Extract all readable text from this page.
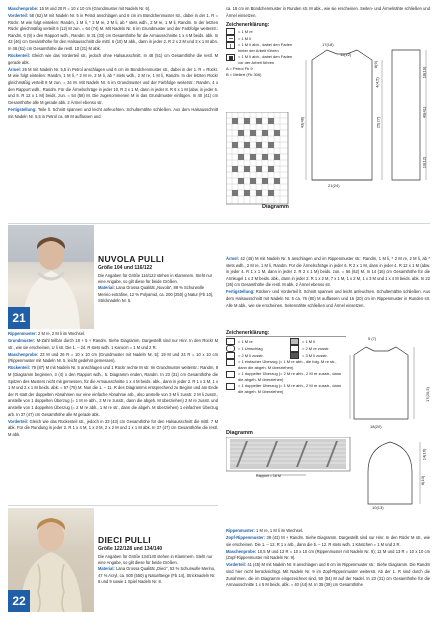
Maschenprobe: 15 M und 20 R = 10 x 10 cm (Grundmuster mit Nadeln Nr. 6).

Vorderteil: 58 (62) M mit Nadeln Nr. 5 in Petrol anschlagen und 6 cm im Bündchenmuster str., dabei in der 1. R = Rückr. M wie folgt einteilen: Randm, 1 M li, * 2 M re, 2 M li, ab * stets wdh., 2 M re, 1 M li, Randm. In der letzten Rückr gleichmäßig verteilt 6 (12) M zun. = 64 (74) M. Mit Nadeln Nr. 6 im Grundmuster und der Farbfolge weiterstr.: Randm, 6 (9) x den Rapport wdh., Randm. In 31 (33) cm Gesamthöhe für die Armausschnitte 1 x 4 M beids. abk. In 43 (46) cm Gesamthöhe für den Halsausschnitt die mittl. 6 (10) M abk., dann in jeder 2. R 2 x 2 M und 3 x 1 M abn. In 48 (51) cm Gesamthöhe die restl. 10 (21) M abk.

Rückenteil: Gleich wie das Vorderteil str., jedoch ohne Halsausschnitt. In 48 (51) cm Gesamthöhe die restl. M gerade abk.

Ärmel: 26 M mit Nadeln Nr. 5,5 in Petrol anschlagen und 6 cm im Bündchenmuster str., dabei in der 1. R = Rückr. M wie folgt einteilen: Randm, 1 M li, * 2 M re, 2 M li, ab * stets wdh., 2 M re, 1 M li, Randm. In der letzten Rückr gleichmäßig verteilt 8 M zun. = 34 M. Mit Nadeln Nr. 6 im Grundmuster und der Farbfolge weiterstr.: Randm, 4 x den Rapport wdh., Randm. Für die Ärmelschräge in jeder 10. R 2 x 1 M, dann in jeder 8. R 6 x 1 M (abw. in jeder 6. und 8. R 12 x 1 M) beids. zun. = 54 (58) M. Die zugenommenen M in das Grundmuster einfügen. In 40 (41) cm Gesamthöhe alle M gerade abk. 2 Ärmel ebenso str.

Fertigstellung: Teile lt. Schnitt spannen und leicht anfeuchten. Schulternähte schließen. Aus dem Halsausschnitt mit Nadeln Nr. 5,5 in Petrol ca. 69 M auffassen und

ca. 18 cm im Bündchenmuster in Runden str. M abk., wie sie erscheinen. Seiten- und Ärmelnähte schließen und Ärmel einsetzen.
Zeichenerklärung:
= 1 M re
= 1 M li
= 1 M li abh., dabei den Faden hinter der Arbeit führen
= 1 M li abh., dabei den Faden vor der Arbeit führen
A = Petrol Fb 9
B = Meliert (Fb 306)
Diagramm
17(18)
11(12)
21(24)
43(48)	25(27)
8(9)
4(4,5)
18(19)
40(41)
10(12)
21
NUVOLA PULLI
Größe 104 und 116/122
Die Angaben für Größe 116/122 stehen in Klammern. Steht nur eine Angabe, so gilt diese für beide Größen.
Material: Lana Grossa Qualität „Nuvola“, 88 % Schurwolle Merino extrafine, 12 % Polyamid, ca. 200 (250) g Natur (Fb 10), Stricknadeln Nr. 5.

Rippenmuster: 2 M re, 2 M li im Wechsel.

Grundmuster: M-Zahl teilbar durch 18 + 5 + Randm. Siehe Diagramm. Dargestellt sind nur Hinr. In den Rückr M str., wie sie erscheinen, U li str. Die 1. – 24. R stets wdh. 1 Karocm = 1 M und 2 R.

Maschenprobe: 23 M und 26 R = 10 x 10 cm (Grundmuster mit Nadeln Nr. 5); 19 M und 24 R = 10 x 10 cm (Rippenmuster mit Nadeln Nr. 5, leicht gedehnt gemessen).

Rückenteil: 79 (87) M mit Nadeln Nr. 5 anschlagen und 1 Rückr rechte M str. Im Grundmuster weiterstr.: Randm, 8 M (Diagramm beginnen, 3 (4) x den Rapport wdh., 5. Diagramm enden, Randm. In 23 (31) cm Gesamthöhe die Spitzen des Musters nicht mit gemessen, für die Armausschnitte 1 x 4 M beids. abk., dann in jeder 2. R 1 x 2 M, 1 x 1 M und 2 x 1 M beids. abk. = 57 (75) M. Nun die 1. – 11. R des Diagramms entsprechend zu Beginn und am Ende der R statt der doppelten Abnahmen nur eine einfache Abnahme arb., also anstelle von 3 M li zusstr. 2 M li zusstr., anstelle von 1 doppelten Überzug (= 1 M re abh., 2 M re zusstr., dann die abgeh. M überziehen) 2 M re zusstr. und anstelle von 1 doppelten Überzug (= 2 M re abh., 1 M re str., dann die abgeh. M überziehen) 1 einfachen Überzug arb. In 37 (47) cm Gesamthöhe alle M gerade abk.

Vorderteil: Gleich wie das Rückenteil str., jedoch in 33 (43) cm Gesamthöhe für den Halsausschnitt die mittl. 7 M abk. Für die Rundung in jeder 2. R 1 x 4 M, 1 x 3 M, 2 x 2 M und 1 x 1 M abk. In 37 (47) cm Gesamthöhe die restl. M abk.

Ärmel: 42 (46) M mit Nadeln Nr. 5 anschlagen und im Rippenmuster str.: Randm, 1 M li, * 2 M re, 2 M li, ab * stets wdh., 2 M re, 1 M li, Randm. Für die Ärmelschräge in jeder 6. R 2 x 1 M, dann in jeder 4. R 12 x 1 M (abw. in jeder 4. R 1 x 1 M, dann in jeder 2. R 2 x 1 M) beids. zun. = 56 (62) M. In 14 (16) cm Gesamthöhe für die Armkugel 1 x 3 M beids. abk., dann in jeder 2. R 1 x 2 M, 7 x 1 M, 1 x 2 M, 1 x 3 M und 1 x 4 M beids. abk. In 22 (26) cm Gesamthöhe die restl. M abk. 2 Ärmel ebenso str.

Fertigstellung: Rücken- und Vorderteil lt. Schnitt spannen und leicht anfeuchten. Schulternähte schließen. Aus dem Halsausschnitt mit Nadeln Nr. 5 ca. 76 (80) M auffassen und 16 (20) cm im Rippenmuster in Runden str. Alle M abk., wie sie erscheinen. Seitennähte schließen und Ärmel einsetzen.

Zeichenerklärung:
= 1 M re
= 1 Umschlag
= 2 M li zusstr.
= 1 M li
= 2 M re zusstr.
= 3 M li zusstr.
= 1 einfacher Überzug (= 1 M re abh., die folg. M re str., dann die abgeh. M überziehen)
= 1 doppelter Überzug (= 2 M re abh., 2 M re zusstr., dann die abgeh. M überziehen)
= 1 doppelter Überzug (= 1 M re abh., 2 M re zusstr., dann die abgeh. M überziehen)
5 (7)
17(20,5)
18(20)
Diagramm
Rapport = 18 M
14(16)
8(10)
10(13)
22
DIECI PULLI
Größe 122/128 und 134/140
Die Angaben für Größe 134/140 stehen in Klammern. Steht nur eine Angabe, so gilt diese für beide Größen.
Material: Lana Grossa Qualität „Dieci“, 53 % Schurwolle Merino, 47 % Acryl, ca. 500 (550) g Natur/Beige (Fb 14), Stricknadeln Nr. 8 und 9 sowie 1 Spiel Nadeln Nr. 8.

Rippenmuster: 1 M re, 1 M li im Wechsel.

Zopf-Rippenmuster: 39 (43) M + Randm. Siehe Diagramm. Dargestellt sind nur Hinr. In den Rückr M str., wie sie erscheinen. Die 1. – 12. R 1 x arb., dann die 5. – 12. R stets wdh. 1 Kästchen = 1 M und 2 R.

Maschenprobe: 10,5 M und 13 R = 10 x 10 cm (Rippenmuster mit Nadeln Nr. 9); 12 M und 13 R = 10 x 10 cm (Zopf-Rippenmuster mit Nadeln Nr. 9).

Vorderteil: 41 (45) M mit Nadeln Nr. 8 anschlagen und 8 cm im Rippenmuster str.: Siehe Diagramm. Die Randm sind hier nicht berücksichtigt. Mit Nadeln Nr. 9 im Zopf-Rippenmuster weiterstr. Ab der 1. R sind durch die Zunahmen, die im Diagramm eingezeichnet sind, 50 (54) M auf der Nadel. In 23 (31) cm Gesamthöhe für die Armausschnitte 1 x 5 M beids. abk. = 40 (44) M. In 35 (39) cm Gesamthöhe
